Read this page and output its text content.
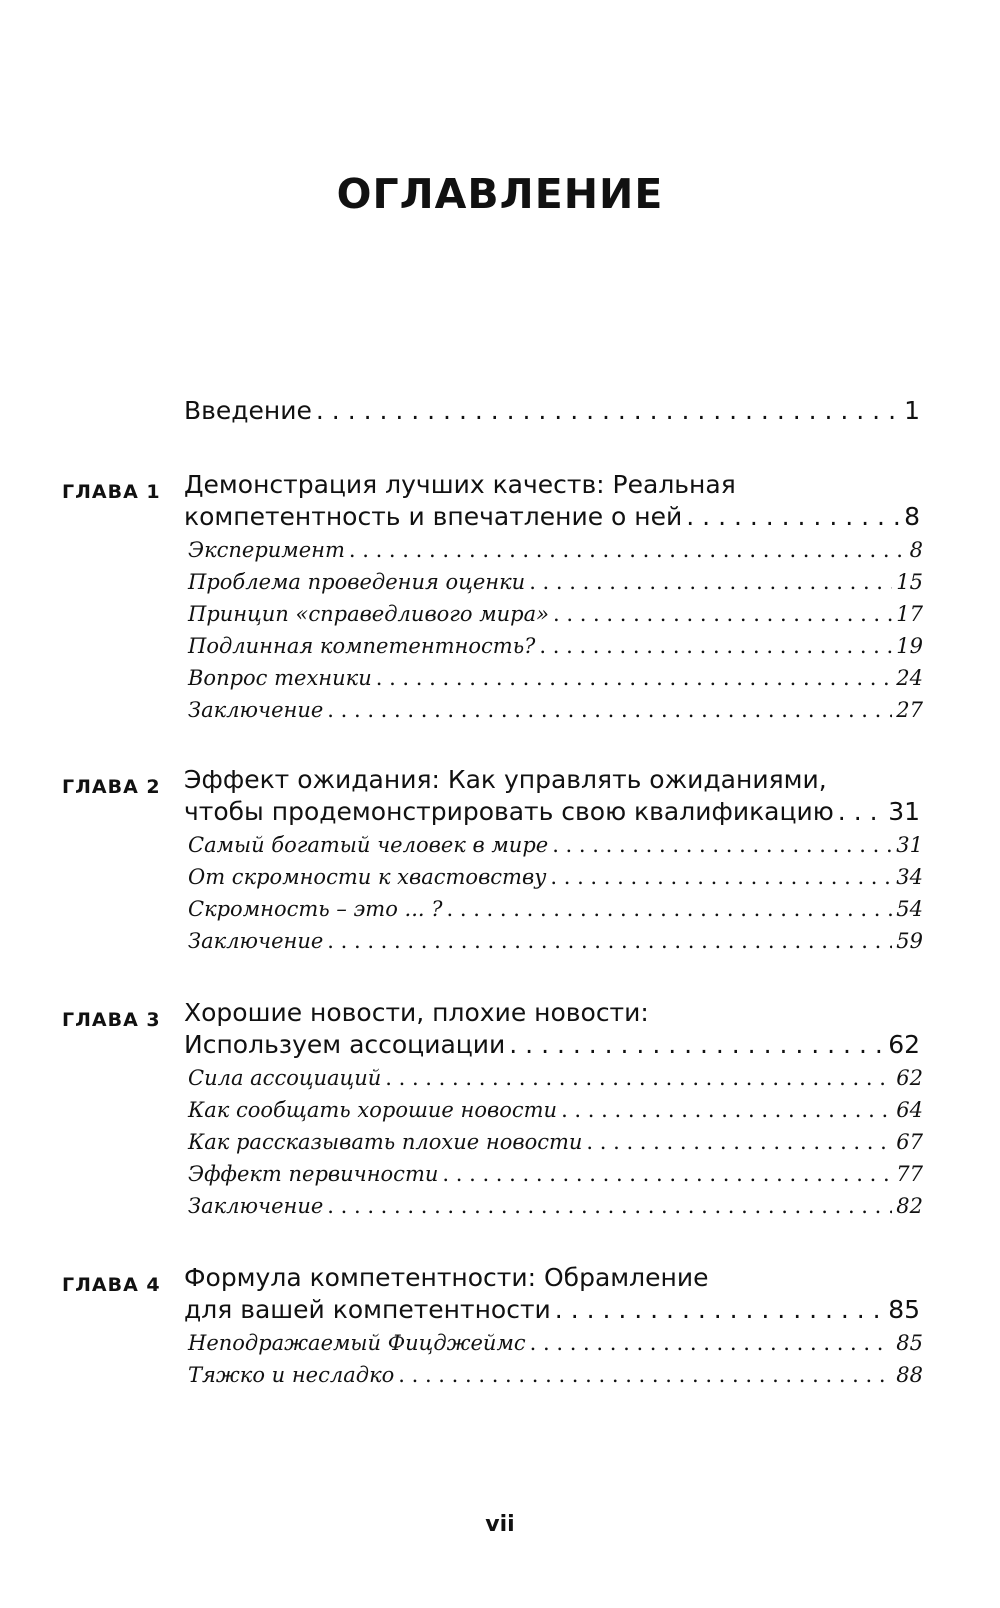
ОГЛАВЛЕНИЕ
Введение . . .	1
ГЛАВА 1 Демонстрация лучших качеств: Реальная
компетентность и впечатление о ней . . .	8
Эксперимент . . .	8
Проблема проведения оценки . . .	15
Принцип «справедливого мира» . . .	17
Подлинная компетентность? . . .	19
Вопрос техники . . .	24
Заключение . . .	27
ГЛАВА 2 Эффект ожидания: Как управлять ожиданиями,
чтобы продемонстрировать свою квалификацию . . . 31
Самый богатый человек в мире . . .	31
От скромности к хвастовству . . .	34
Скромность – это ... ? . . .	54
Заключение . . .	59
ГЛАВА 3 Хорошие новости, плохие новости:
Используем ассоциации . . .	62
Сила ассоциаций . . .	62
Как сообщать хорошие новости . . .	64
Как рассказывать плохие новости . . .	67
Эффект первичности . . .	77
Заключение . . .	82
ГЛАВА 4 Формула компетентности: Обрамление
для вашей компетентности . . .	85
Неподражаемый Фицджеймс . . .	85
Тяжко и несладко . . .	88
vii
